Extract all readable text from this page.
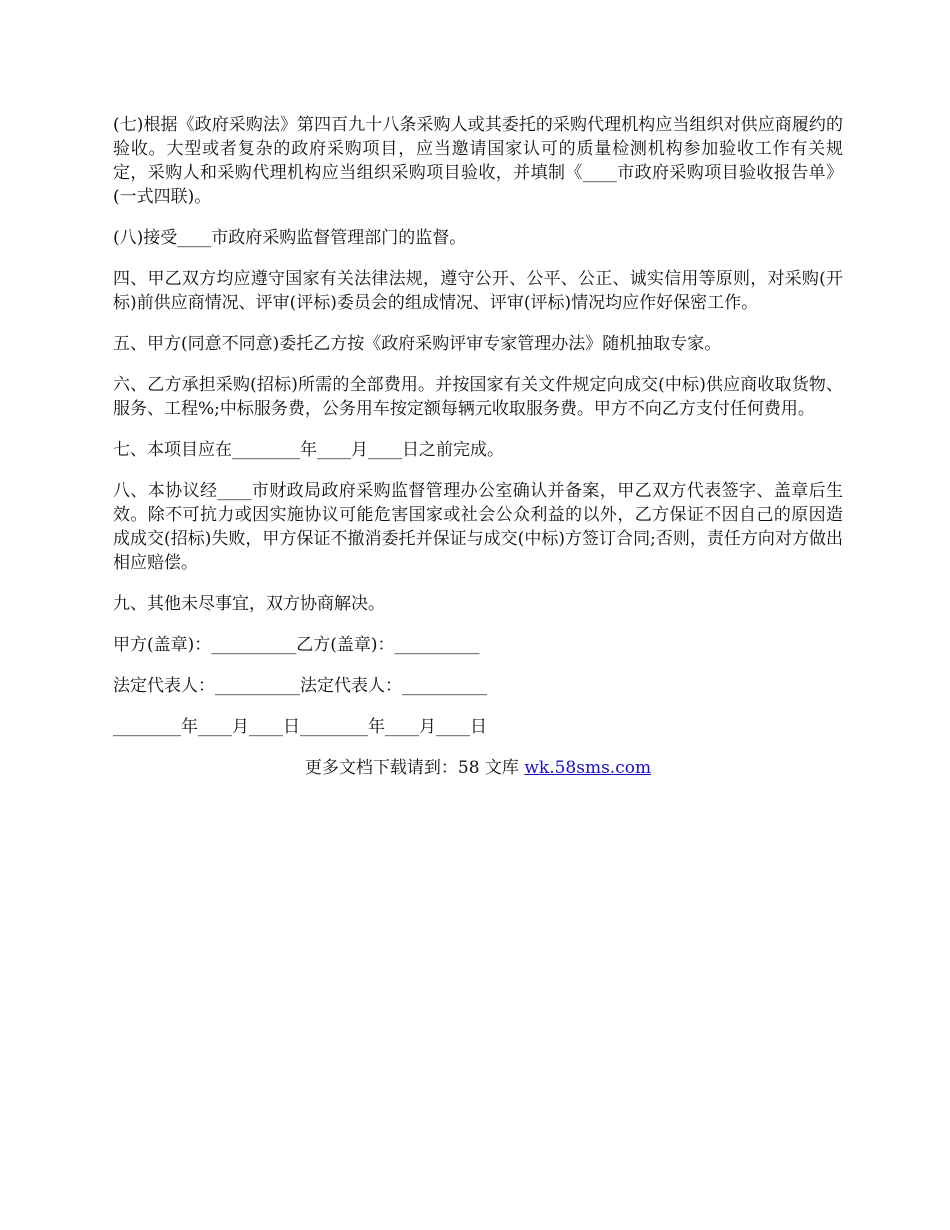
(七)根据《政府采购法》第四百九十八条采购人或其委托的采购代理机构应当组织对供应商履约的验收。大型或者复杂的政府采购项目，应当邀请国家认可的质量检测机构参加验收工作有关规定，采购人和采购代理机构应当组织采购项目验收，并填制《____市政府采购项目验收报告单》(一式四联)。

(八)接受____市政府采购监督管理部门的监督。

四、甲乙双方均应遵守国家有关法律法规，遵守公开、公平、公正、诚实信用等原则，对采购(开标)前供应商情况、评审(评标)委员会的组成情况、评审(评标)情况均应作好保密工作。

五、甲方(同意不同意)委托乙方按《政府采购评审专家管理办法》随机抽取专家。

六、乙方承担采购(招标)所需的全部费用。并按国家有关文件规定向成交(中标)供应商收取货物、服务、工程%;中标服务费，公务用车按定额每辆元收取服务费。甲方不向乙方支付任何费用。

七、本项目应在________年____月____日之前完成。

八、本协议经____市财政局政府采购监督管理办公室确认并备案，甲乙双方代表签字、盖章后生效。除不可抗力或因实施协议可能危害国家或社会公众利益的以外，乙方保证不因自己的原因造成成交(招标)失败，甲方保证不撤消委托并保证与成交(中标)方签订合同;否则，责任方向对方做出相应赔偿。

九、其他未尽事宜，双方协商解决。

甲方(盖章)：__________乙方(盖章)：__________

法定代表人：__________法定代表人：__________

________年____月____日________年____月____日

更多文档下载请到：58 文库 wk.58sms.com
